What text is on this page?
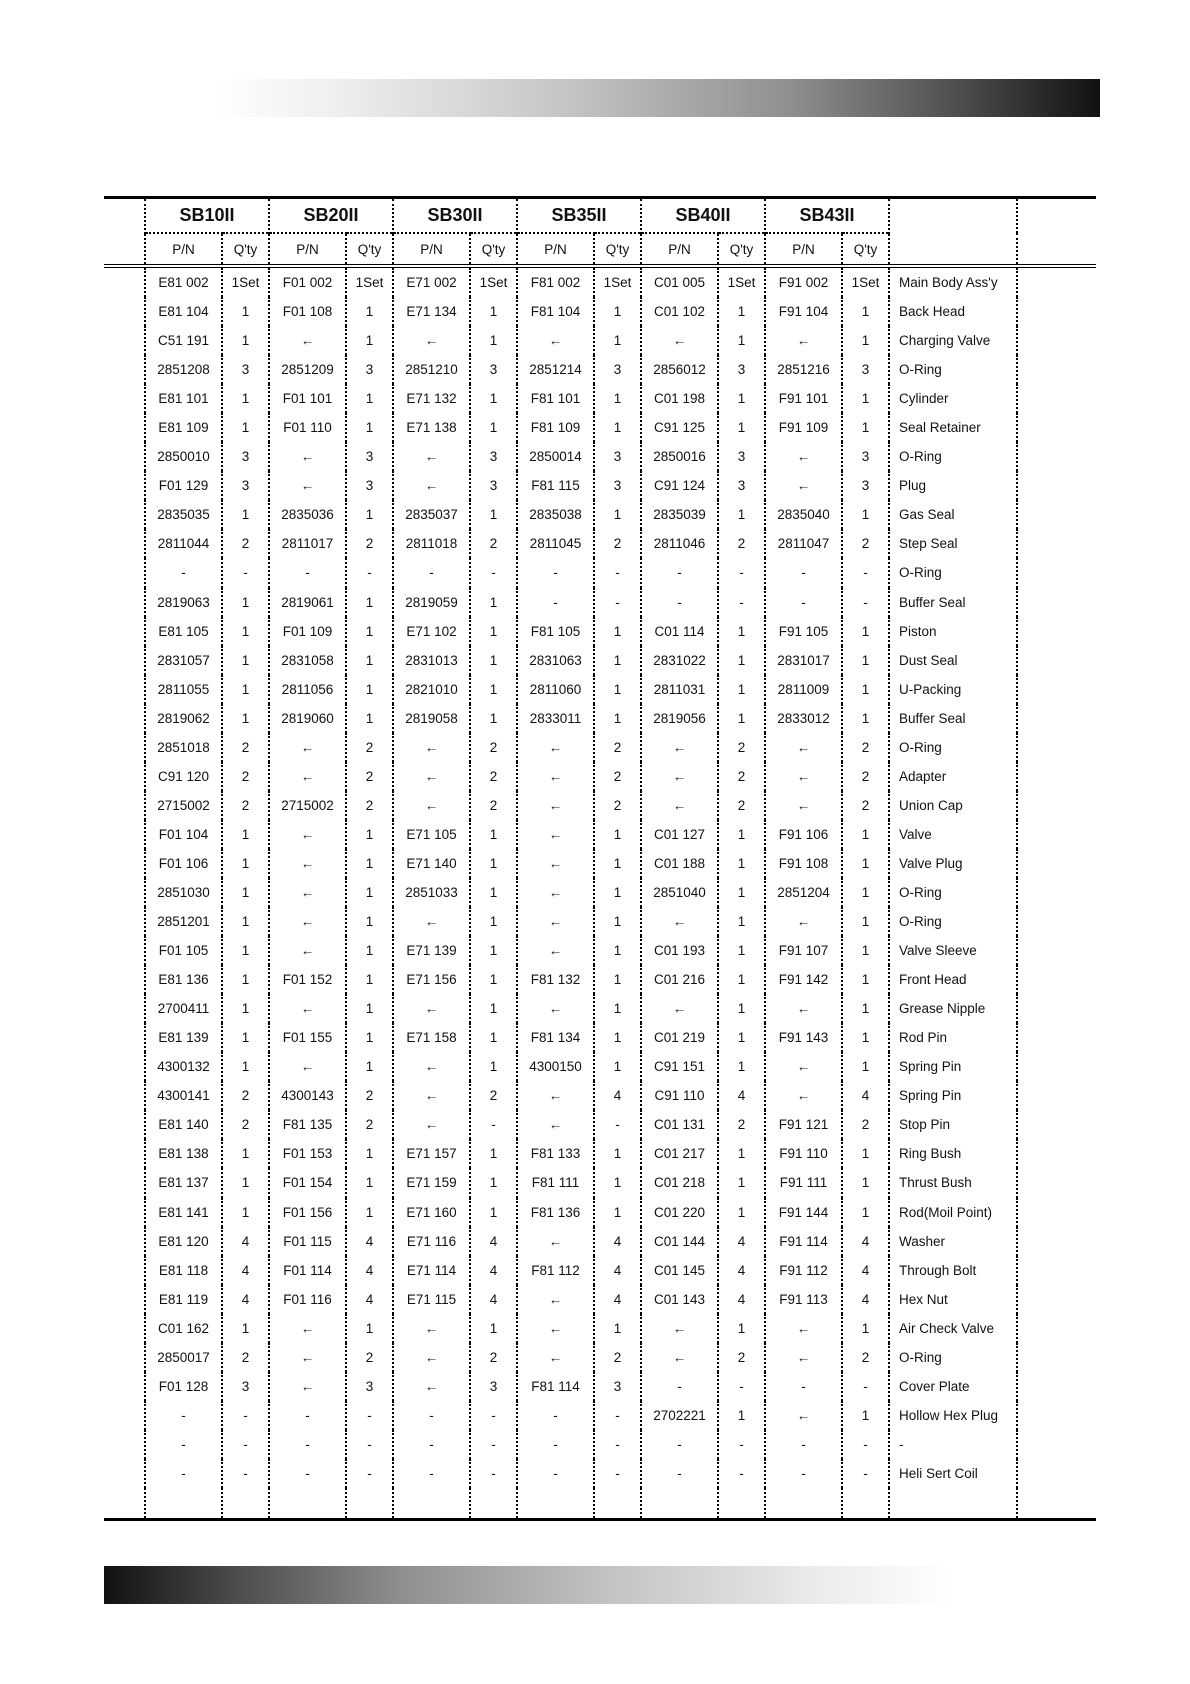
	SB10II		SB20II		SB30II		SB35II		SB40II		SB43II			
	P/N	Q'ty	P/N	Q'ty	P/N	Q'ty	P/N	Q'ty	P/N	Q'ty	P/N	Q'ty		
	E81 002	1Set	F01 002	1Set	E71 002	1Set	F81 002	1Set	C01 005	1Set	F91 002	1Set	Main Body Ass'y	
	E81 104	1	F01 108	1	E71 134	1	F81 104	1	C01 102	1	F91 104	1	Back Head	
	C51 191	1	←	1	←	1	←	1	←	1	←	1	Charging Valve	
	2851208	3	2851209	3	2851210	3	2851214	3	2856012	3	2851216	3	O-Ring	
	E81 101	1	F01 101	1	E71 132	1	F81 101	1	C01 198	1	F91 101	1	Cylinder	
	E81 109	1	F01 110	1	E71 138	1	F81 109	1	C91 125	1	F91 109	1	Seal Retainer	
	2850010	3	←	3	←	3	2850014	3	2850016	3	←	3	O-Ring	
	F01 129	3	←	3	←	3	F81 115	3	C91 124	3	←	3	Plug	
	2835035	1	2835036	1	2835037	1	2835038	1	2835039	1	2835040	1	Gas Seal	
	2811044	2	2811017	2	2811018	2	2811045	2	2811046	2	2811047	2	Step Seal	
	-	-	-	-	-	-	-	-	-	-	-	-	O-Ring	
	2819063	1	2819061	1	2819059	1	-	-	-	-	-	-	Buffer Seal	
	E81 105	1	F01 109	1	E71 102	1	F81 105	1	C01 114	1	F91 105	1	Piston	
	2831057	1	2831058	1	2831013	1	2831063	1	2831022	1	2831017	1	Dust Seal	
	2811055	1	2811056	1	2821010	1	2811060	1	2811031	1	2811009	1	U-Packing	
	2819062	1	2819060	1	2819058	1	2833011	1	2819056	1	2833012	1	Buffer Seal	
	2851018	2	←	2	←	2	←	2	←	2	←	2	O-Ring	
	C91 120	2	←	2	←	2	←	2	←	2	←	2	Adapter	
	2715002	2	2715002	2	←	2	←	2	←	2	←	2	Union Cap	
	F01 104	1	←	1	E71 105	1	←	1	C01 127	1	F91 106	1	Valve	
	F01 106	1	←	1	E71 140	1	←	1	C01 188	1	F91 108	1	Valve Plug	
	2851030	1	←	1	2851033	1	←	1	2851040	1	2851204	1	O-Ring	
	2851201	1	←	1	←	1	←	1	←	1	←	1	O-Ring	
	F01 105	1	←	1	E71 139	1	←	1	C01 193	1	F91 107	1	Valve Sleeve	
	E81 136	1	F01 152	1	E71 156	1	F81 132	1	C01 216	1	F91 142	1	Front Head	
	2700411	1	←	1	←	1	←	1	←	1	←	1	Grease Nipple	
	E81 139	1	F01 155	1	E71 158	1	F81 134	1	C01 219	1	F91 143	1	Rod Pin	
	4300132	1	←	1	←	1	4300150	1	C91 151	1	←	1	Spring Pin	
	4300141	2	4300143	2	←	2	←	4	C91 110	4	←	4	Spring Pin	
	E81 140	2	F81 135	2	←	-	←	-	C01 131	2	F91 121	2	Stop Pin	
	E81 138	1	F01 153	1	E71 157	1	F81 133	1	C01 217	1	F91 110	1	Ring Bush	
	E81 137	1	F01 154	1	E71 159	1	F81 111	1	C01 218	1	F91 111	1	Thrust Bush	
	E81 141	1	F01 156	1	E71 160	1	F81 136	1	C01 220	1	F91 144	1	Rod(Moil Point)	
	E81 120	4	F01 115	4	E71 116	4	←	4	C01 144	4	F91 114	4	Washer	
	E81 118	4	F01 114	4	E71 114	4	F81 112	4	C01 145	4	F91 112	4	Through Bolt	
	E81 119	4	F01 116	4	E71 115	4	←	4	C01 143	4	F91 113	4	Hex Nut	
	C01 162	1	←	1	←	1	←	1	←	1	←	1	Air Check Valve	
	2850017	2	←	2	←	2	←	2	←	2	←	2	O-Ring	
	F01 128	3	←	3	←	3	F81 114	3	-	-	-	-	Cover Plate	
	-	-	-	-	-	-	-	-	2702221	1	←	1	Hollow Hex Plug	
	-	-	-	-	-	-	-	-	-	-	-	-	-	
	-	-	-	-	-	-	-	-	-	-	-	-	Heli Sert Coil	
